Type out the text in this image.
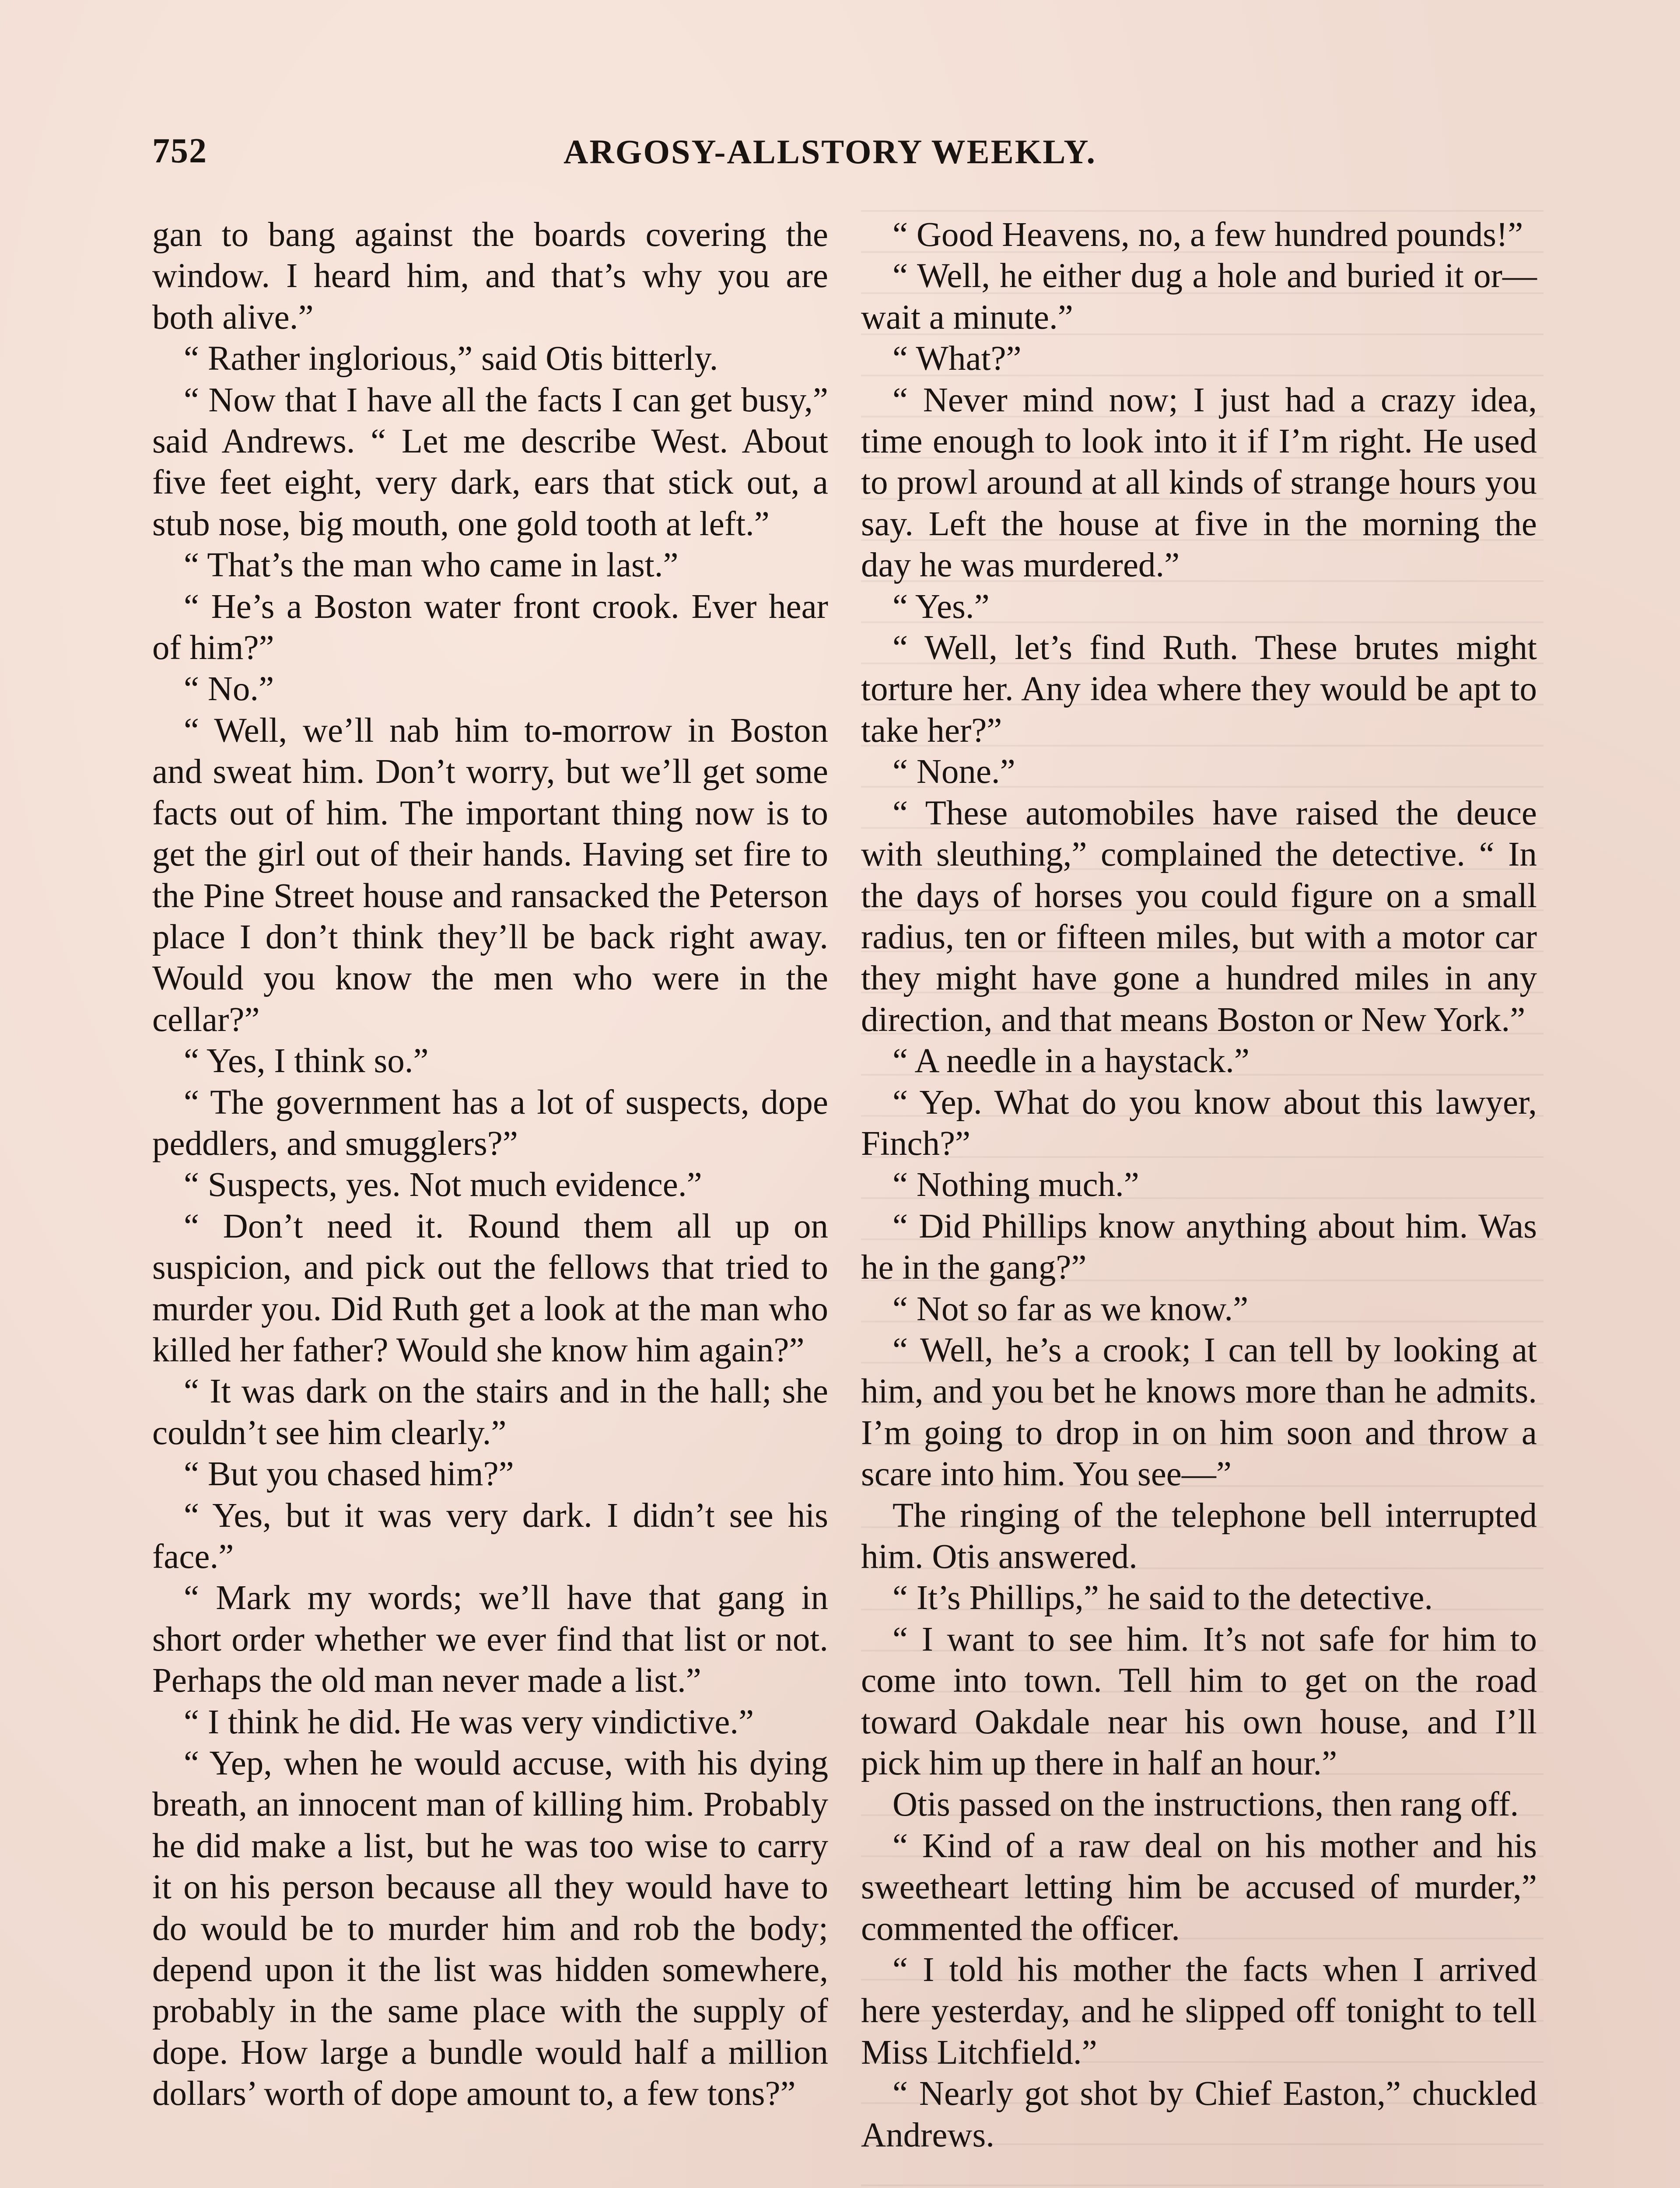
752	ARGOSY-ALLSTORY WEEKLY.

gan to bang against the boards covering the window. I heard him, and that’s why you are both alive.”

“ Rather inglorious,” said Otis bitterly.

“ Now that I have all the facts I can get busy,” said Andrews. “ Let me describe West. About five feet eight, very dark, ears that stick out, a stub nose, big mouth, one gold tooth at left.”

“ That’s the man who came in last.”

“ He’s a Boston water front crook. Ever hear of him?”

“ No.”

“ Well, we’ll nab him to-morrow in Boston and sweat him. Don’t worry, but we’ll get some facts out of him. The important thing now is to get the girl out of their hands. Having set fire to the Pine Street house and ransacked the Peterson place I don’t think they’ll be back right away. Would you know the men who were in the cellar?”

“ Yes, I think so.”

“ The government has a lot of suspects, dope peddlers, and smugglers?”

“ Suspects, yes. Not much evidence.”

“ Don’t need it. Round them all up on suspicion, and pick out the fellows that tried to murder you. Did Ruth get a look at the man who killed her father? Would she know him again?”

“ It was dark on the stairs and in the hall; she couldn’t see him clearly.”

“ But you chased him?”

“ Yes, but it was very dark. I didn’t see his face.”

“ Mark my words; we’ll have that gang in short order whether we ever find that list or not. Perhaps the old man never made a list.”

“ I think he did. He was very vindictive.”

“ Yep, when he would accuse, with his dying breath, an innocent man of killing him. Probably he did make a list, but he was too wise to carry it on his person because all they would have to do would be to murder him and rob the body; depend upon it the list was hidden somewhere, probably in the same place with the supply of dope. How large a bundle would half a million dollars’ worth of dope amount to, a few tons?”

“ Good Heavens, no, a few hundred pounds!”

“ Well, he either dug a hole and buried it or—wait a minute.”

“ What?”

“ Never mind now; I just had a crazy idea, time enough to look into it if I’m right. He used to prowl around at all kinds of strange hours you say. Left the house at five in the morning the day he was murdered.”

“ Yes.”

“ Well, let’s find Ruth. These brutes might torture her. Any idea where they would be apt to take her?”

“ None.”

“ These automobiles have raised the deuce with sleuthing,” complained the detective. “ In the days of horses you could figure on a small radius, ten or fifteen miles, but with a motor car they might have gone a hundred miles in any direction, and that means Boston or New York.”

“ A needle in a haystack.”

“ Yep. What do you know about this lawyer, Finch?”

“ Nothing much.”

“ Did Phillips know anything about him. Was he in the gang?”

“ Not so far as we know.”

“ Well, he’s a crook; I can tell by looking at him, and you bet he knows more than he admits. I’m going to drop in on him soon and throw a scare into him. You see—”

The ringing of the telephone bell interrupted him. Otis answered.

“ It’s Phillips,” he said to the detective.

“ I want to see him. It’s not safe for him to come into town. Tell him to get on the road toward Oakdale near his own house, and I’ll pick him up there in half an hour.”

Otis passed on the instructions, then rang off.

“ Kind of a raw deal on his mother and his sweetheart letting him be accused of murder,” commented the officer.

“ I told his mother the facts when I arrived here yesterday, and he slipped off tonight to tell Miss Litchfield.”

“ Nearly got shot by Chief Easton,” chuckled Andrews.
